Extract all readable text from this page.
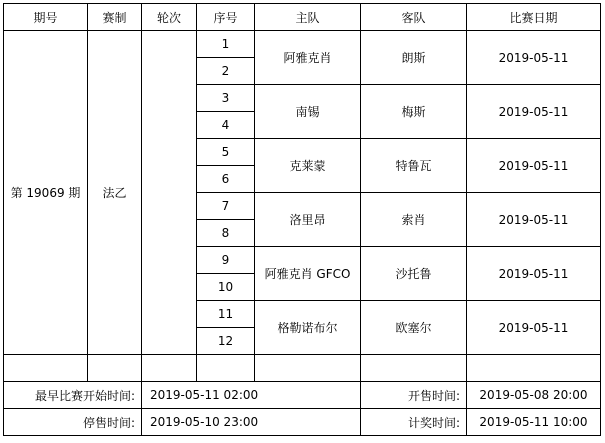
期号	赛制	轮次	序号	主队	客队	比赛日期
第 19069 期	法乙		1	阿雅克肖	朗斯	2019-05-11
			2			
			3	南锡	梅斯	2019-05-11
			4			
			5	克莱蒙	特鲁瓦	2019-05-11
			6			
			7	洛里昂	索肖	2019-05-11
			8			
			9	阿雅克肖 GFCO	沙托鲁	2019-05-11
			10			
			11	格勒诺布尔	欧塞尔	2019-05-11
			12			

最早比赛开始时间:		2019-05-11 02:00			开售时间:	2019-05-08 20:00
停售时间:		2019-05-10 23:00			计奖时间:	2019-05-11 10:00
